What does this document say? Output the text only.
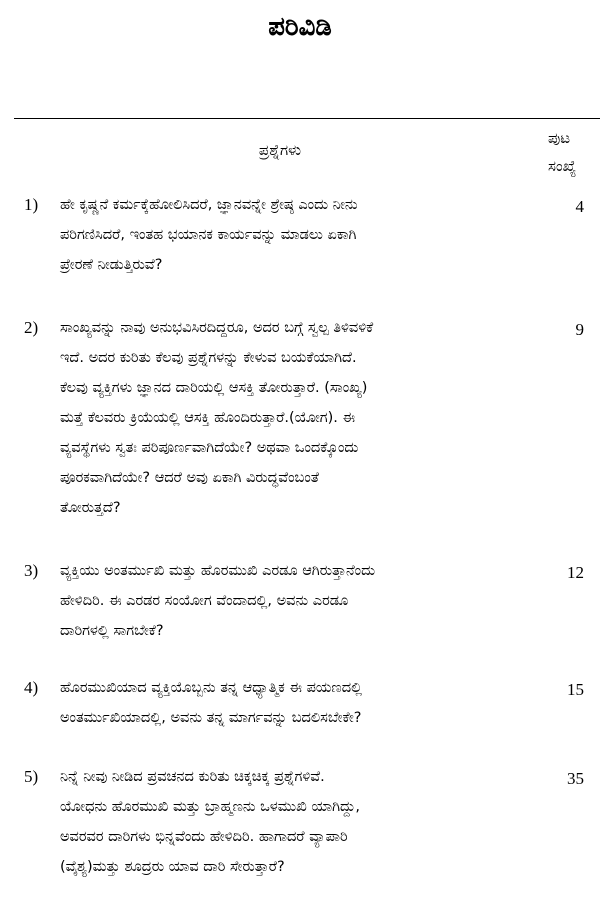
ಪರಿವಿಡಿ
ಪ್ರಶ್ನೆಗಳು
ಪುಟ
ಸಂಖ್ಯೆ
1) ಹೇ ಕೃಷ್ಣನೆ ಕರ್ಮಕ್ಕೆಹೋಲಿಸಿದರೆ, ಜ್ಞಾನವನ್ನೇ ಶ್ರೇಷ್ಠ ಎಂದು ನೀನು
ಪರಿಗಣಿಸಿದರೆ, ಇಂತಹ ಭಯಾನಕ ಕಾರ್ಯವನ್ನು ಮಾಡಲು ಏಕಾಗಿ
ಪ್ರೇರಣೆ ನೀಡುತ್ತಿರುವೆ?
4
2) ಸಾಂಖ್ಯವನ್ನು ನಾವು ಅನುಭವಿಸಿರದಿದ್ದರೂ, ಅದರ ಬಗ್ಗೆ ಸ್ವಲ್ಪ ತಿಳಿವಳಿಕೆ
ಇದೆ. ಅದರ ಕುರಿತು ಕೆಲವು ಪ್ರಶ್ನೆಗಳನ್ನು ಕೇಳುವ ಬಯಕೆಯಾಗಿದೆ.
ಕೆಲವು ವ್ಯಕ್ತಿಗಳು ಜ್ಞಾನದ ದಾರಿಯಲ್ಲಿ ಆಸಕ್ತಿ ತೋರುತ್ತಾರೆ. (ಸಾಂಖ್ಯ)
ಮತ್ತೆ ಕೆಲವರು ಕ್ರಿಯೆಯಲ್ಲಿ ಆಸಕ್ತಿ ಹೊಂದಿರುತ್ತಾರೆ.(ಯೋಗ). ಈ
ವ್ಯವಸ್ಥೆಗಳು ಸ್ವತಃ ಪರಿಪೂರ್ಣವಾಗಿದೆಯೇ? ಅಥವಾ ಒಂದಕ್ಕೊಂದು
ಪೂರಕವಾಗಿದೆಯೇ? ಆದರೆ ಅವು ಏಕಾಗಿ ವಿರುದ್ಧವೆಂಬಂತೆ
ತೋರುತ್ತದೆ?
9
3) ವ್ಯಕ್ತಿಯು ಅಂತರ್ಮುಖಿ ಮತ್ತು ಹೊರಮುಖಿ ಎರಡೂ ಆಗಿರುತ್ತಾನೆಂದು
ಹೇಳಿದಿರಿ. ಈ ಎರಡರ ಸಂಯೋಗ ವೆಂದಾದಲ್ಲಿ, ಅವನು ಎರಡೂ
ದಾರಿಗಳಲ್ಲಿ ಸಾಗಬೇಕೆ?
12
4) ಹೊರಮುಖಿಯಾದ ವ್ಯಕ್ತಿಯೊಬ್ಬನು ತನ್ನ ಆಧ್ಯಾತ್ಮಿಕ ಈ ಪಯಣದಲ್ಲಿ
ಅಂತರ್ಮುಖಿಯಾದಲ್ಲಿ, ಅವನು ತನ್ನ ಮಾರ್ಗವನ್ನು ಬದಲಿಸಬೇಕೇ?
15
5) ನಿನ್ನೆ ನೀವು ನೀಡಿದ ಪ್ರವಚನದ ಕುರಿತು ಚಿಕ್ಕಚಿಕ್ಕ ಪ್ರಶ್ನೆಗಳಿವೆ.
ಯೋಧನು ಹೊರಮುಖಿ ಮತ್ತು ಬ್ರಾಹ್ಮಣನು ಒಳಮುಖಿ ಯಾಗಿದ್ದು,
ಅವರವರ ದಾರಿಗಳು ಭಿನ್ನವೆಂದು ಹೇಳಿದಿರಿ. ಹಾಗಾದರೆ ವ್ಯಾಪಾರಿ
(ವೈಶ್ಯ)ಮತ್ತು ಶೂದ್ರರು ಯಾವ ದಾರಿ ಸೇರುತ್ತಾರೆ?
35
